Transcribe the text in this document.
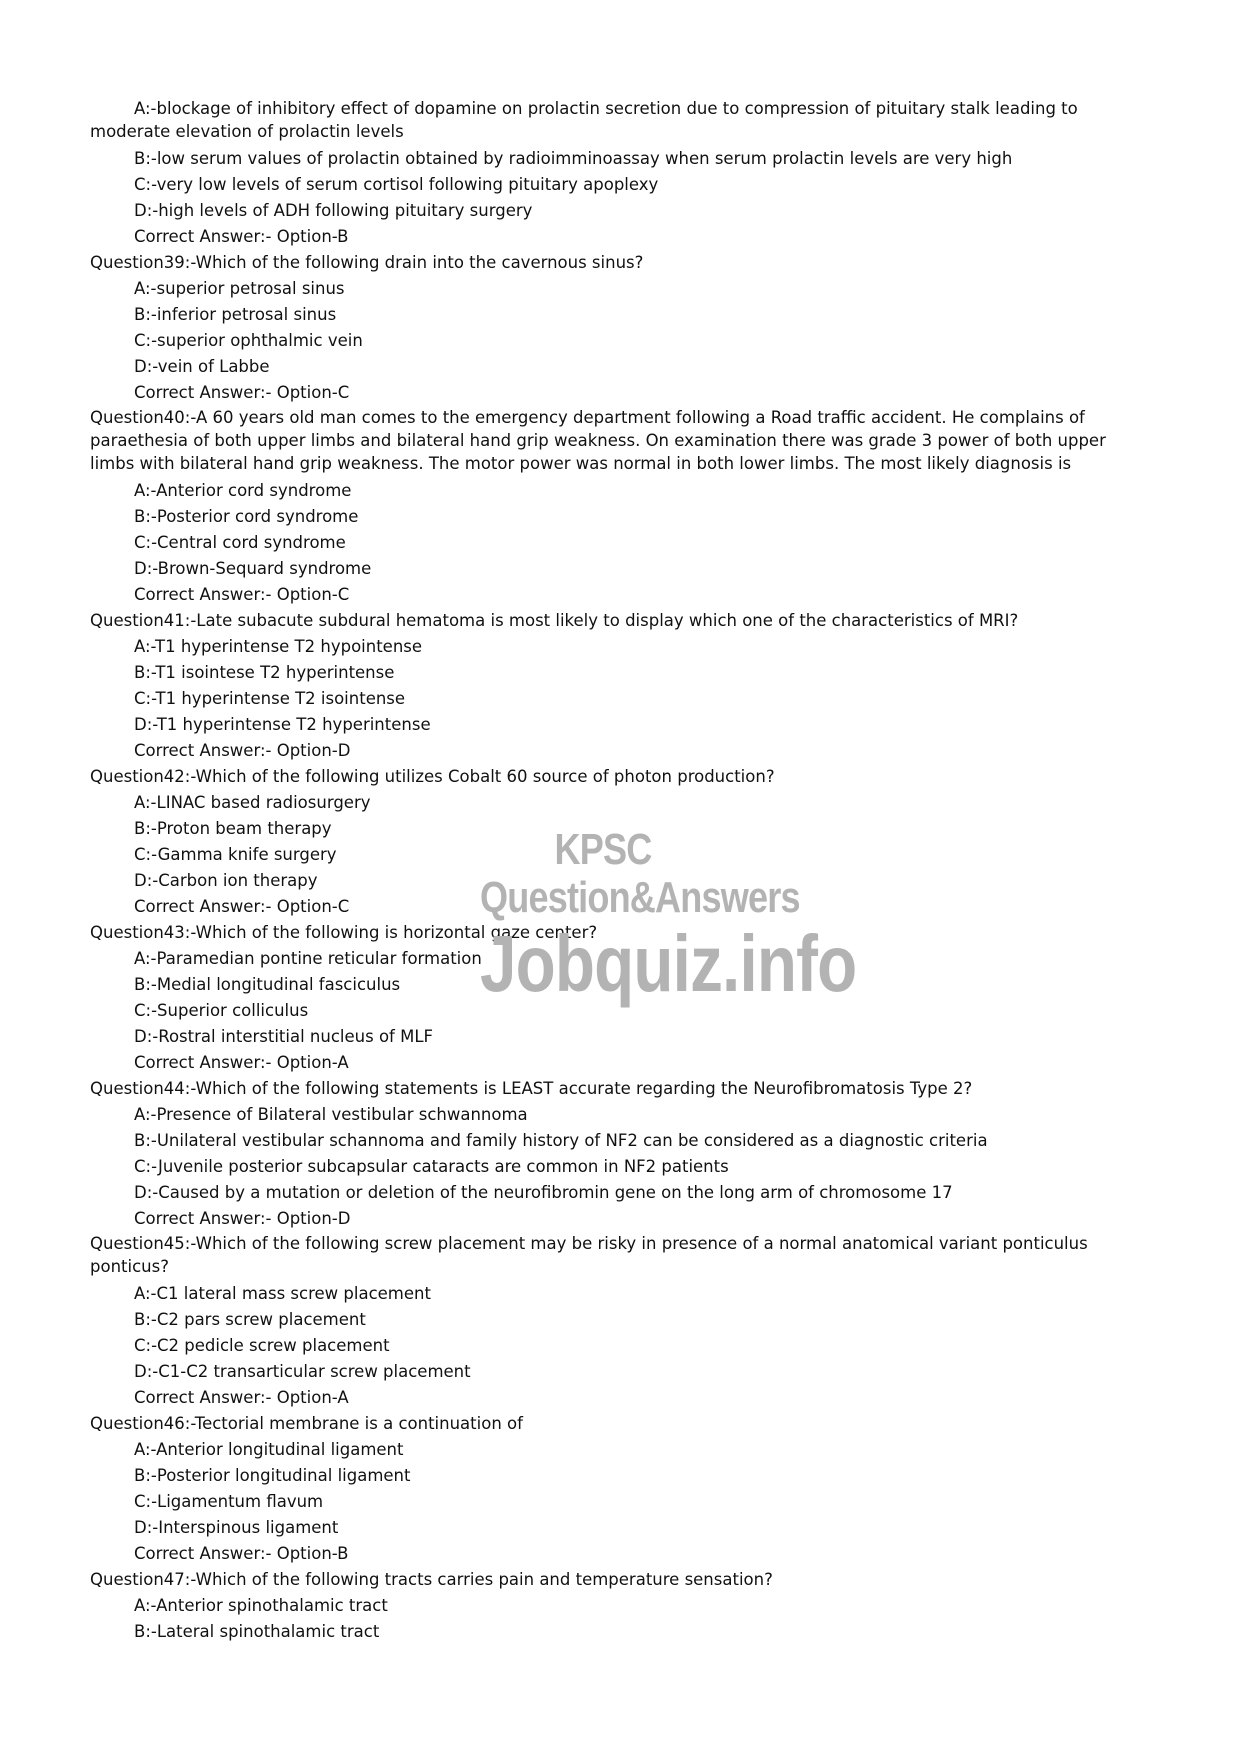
A:-blockage of inhibitory effect of dopamine on prolactin secretion due to compression of pituitary stalk leading to moderate elevation of prolactin levels
B:-low serum values of prolactin obtained by radioimminoassay when serum prolactin levels are very high
C:-very low levels of serum cortisol following pituitary apoplexy
D:-high levels of ADH following pituitary surgery
Correct Answer:- Option-B
Question39:-Which of the following drain into the cavernous sinus?
A:-superior petrosal sinus
B:-inferior petrosal sinus
C:-superior ophthalmic vein
D:-vein of Labbe
Correct Answer:- Option-C
Question40:-A 60 years old man comes to the emergency department following a Road traffic accident. He complains of paraethesia of both upper limbs and bilateral hand grip weakness. On examination there was grade 3 power of both upper limbs with bilateral hand grip weakness. The motor power was normal in both lower limbs. The most likely diagnosis is
A:-Anterior cord syndrome
B:-Posterior cord syndrome
C:-Central cord syndrome
D:-Brown-Sequard syndrome
Correct Answer:- Option-C
Question41:-Late subacute subdural hematoma is most likely to display which one of the characteristics of MRI?
A:-T1 hyperintense T2 hypointense
B:-T1 isointese T2 hyperintense
C:-T1 hyperintense T2 isointense
D:-T1 hyperintense T2 hyperintense
Correct Answer:- Option-D
Question42:-Which of the following utilizes Cobalt 60 source of photon production?
A:-LINAC based radiosurgery
B:-Proton beam therapy
C:-Gamma knife surgery
D:-Carbon ion therapy
Correct Answer:- Option-C
Question43:-Which of the following is horizontal gaze center?
A:-Paramedian pontine reticular formation
B:-Medial longitudinal fasciculus
C:-Superior colliculus
D:-Rostral interstitial nucleus of MLF
Correct Answer:- Option-A
Question44:-Which of the following statements is LEAST accurate regarding the Neurofibromatosis Type 2?
A:-Presence of Bilateral vestibular schwannoma
B:-Unilateral vestibular schannoma and family history of NF2 can be considered as a diagnostic criteria
C:-Juvenile posterior subcapsular cataracts are common in NF2 patients
D:-Caused by a mutation or deletion of the neurofibromin gene on the long arm of chromosome 17
Correct Answer:- Option-D
Question45:-Which of the following screw placement may be risky in presence of a normal anatomical variant ponticulus ponticus?
A:-C1 lateral mass screw placement
B:-C2 pars screw placement
C:-C2 pedicle screw placement
D:-C1-C2 transarticular screw placement
Correct Answer:- Option-A
Question46:-Tectorial membrane is a continuation of
A:-Anterior longitudinal ligament
B:-Posterior longitudinal ligament
C:-Ligamentum flavum
D:-Interspinous ligament
Correct Answer:- Option-B
Question47:-Which of the following tracts carries pain and temperature sensation?
A:-Anterior spinothalamic tract
B:-Lateral spinothalamic tract
KPSC Question&Answers
Jobquiz.info
